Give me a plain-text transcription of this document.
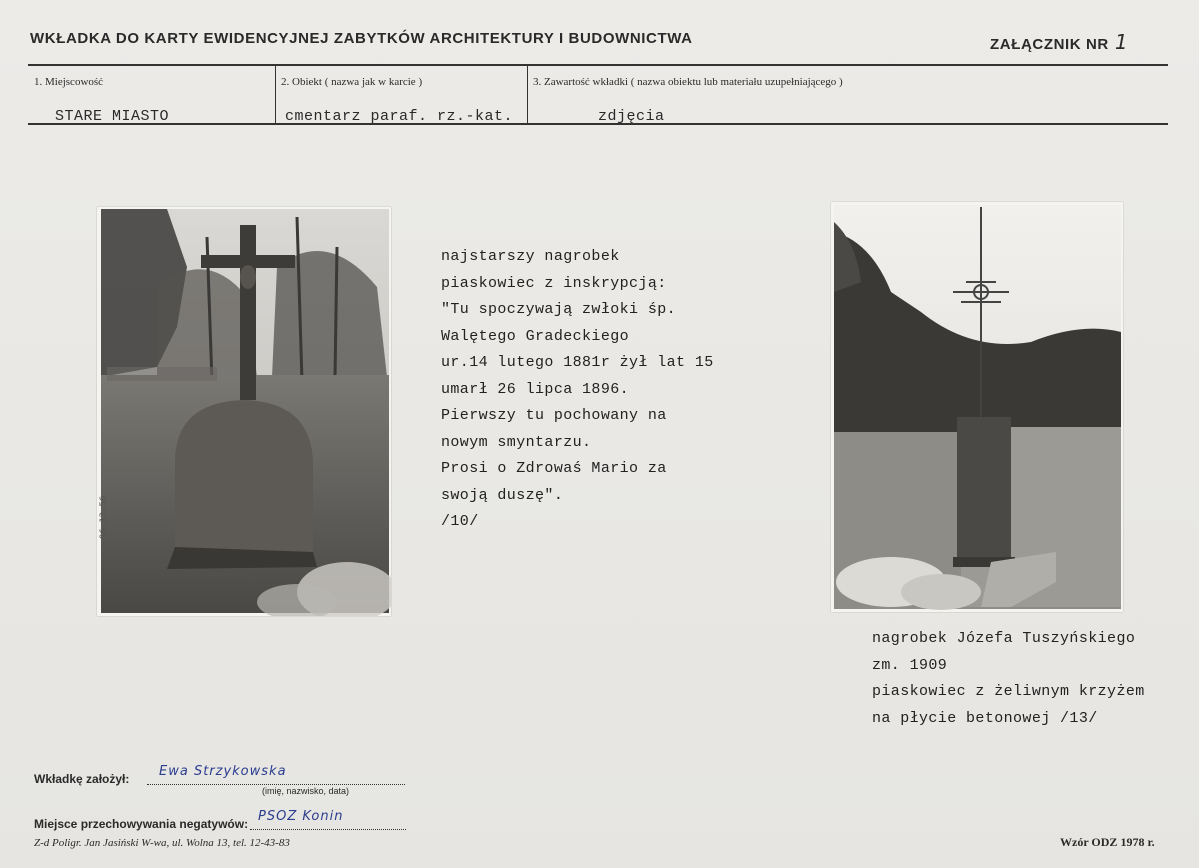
WKŁADKA DO KARTY EWIDENCYJNEJ ZABYTKÓW ARCHITEKTURY I BUDOWNICTWA	ZAŁĄCZNIK NR 1
1. Miejscowość
STARE MIASTO
2. Obiekt ( nazwa jak w karcie )
cmentarz paraf. rz.-kat.
3. Zawartość wkładki ( nazwa obiektu lub materiału uzupełniającego )
zdjęcia
96.13.56
najstarszy nagrobek
piaskowiec z inskrypcją:
"Tu spoczywają zwłoki śp.
Walętego Gradeckiego
ur.14 lutego 1881r żył lat 15
umarł 26 lipca 1896.
Pierwszy tu pochowany na
nowym smyntarzu.
Prosi o Zdrowaś Mario za
swoją duszę".
/10/
nagrobek Józefa Tuszyńskiego
zm. 1909
piaskowiec z żeliwnym krzyżem
na płycie betonowej /13/
Wkładkę założył: Ewa Strzykowska
(imię, nazwisko, data)
Miejsce przechowywania negatywów: PSOZ Konin
Z-d Poligr. Jan Jasiński W-wa, ul. Wolna 13, tel. 12-43-83	Wzór ODZ 1978 r.
